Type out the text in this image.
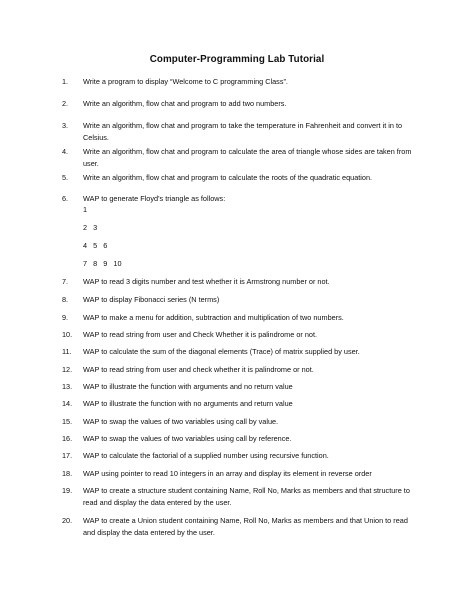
Computer-Programming Lab Tutorial
1.	Write a program to display “Welcome to C programming Class”.
2.	Write an algorithm, flow chat and program to add two numbers.
3.	Write an algorithm, flow chat and program to take the temperature in Fahrenheit and convert it in to Celsius.
4.	Write an algorithm, flow chat and program to calculate the area of triangle whose sides are taken from user.
5.	Write an algorithm, flow chat and program to calculate the roots of the quadratic equation.
6.	WAP to generate Floyd’s triangle as follows:
1
2   3
4   5   6
7   8   9   10
7.	WAP to read 3 digits number and test whether it is Armstrong number or not.
8.	WAP to display Fibonacci series (N terms)
9.	WAP to make a menu for addition, subtraction and multiplication of two numbers.
10.	WAP to read string from user and Check Whether it is palindrome or not.
11.	WAP to calculate the sum of the diagonal elements (Trace) of matrix supplied by user.
12.	WAP to read string from user and check whether it is palindrome or not.
13.	WAP to illustrate the function with arguments and no return value
14.	WAP to illustrate the function with no arguments and return value
15.	WAP to swap the values of two variables using call by value.
16.	WAP to swap the values of two variables using call by reference.
17.	WAP to calculate the factorial of a supplied number using recursive function.
18.	WAP using pointer to read 10 integers in an array and display its element in reverse order
19.	WAP to create a structure student containing Name, Roll No, Marks as members and that structure to read and display the data entered by the user.
20.	WAP to create a Union student containing Name, Roll No, Marks as members and that Union to read and display the data entered by the user.
